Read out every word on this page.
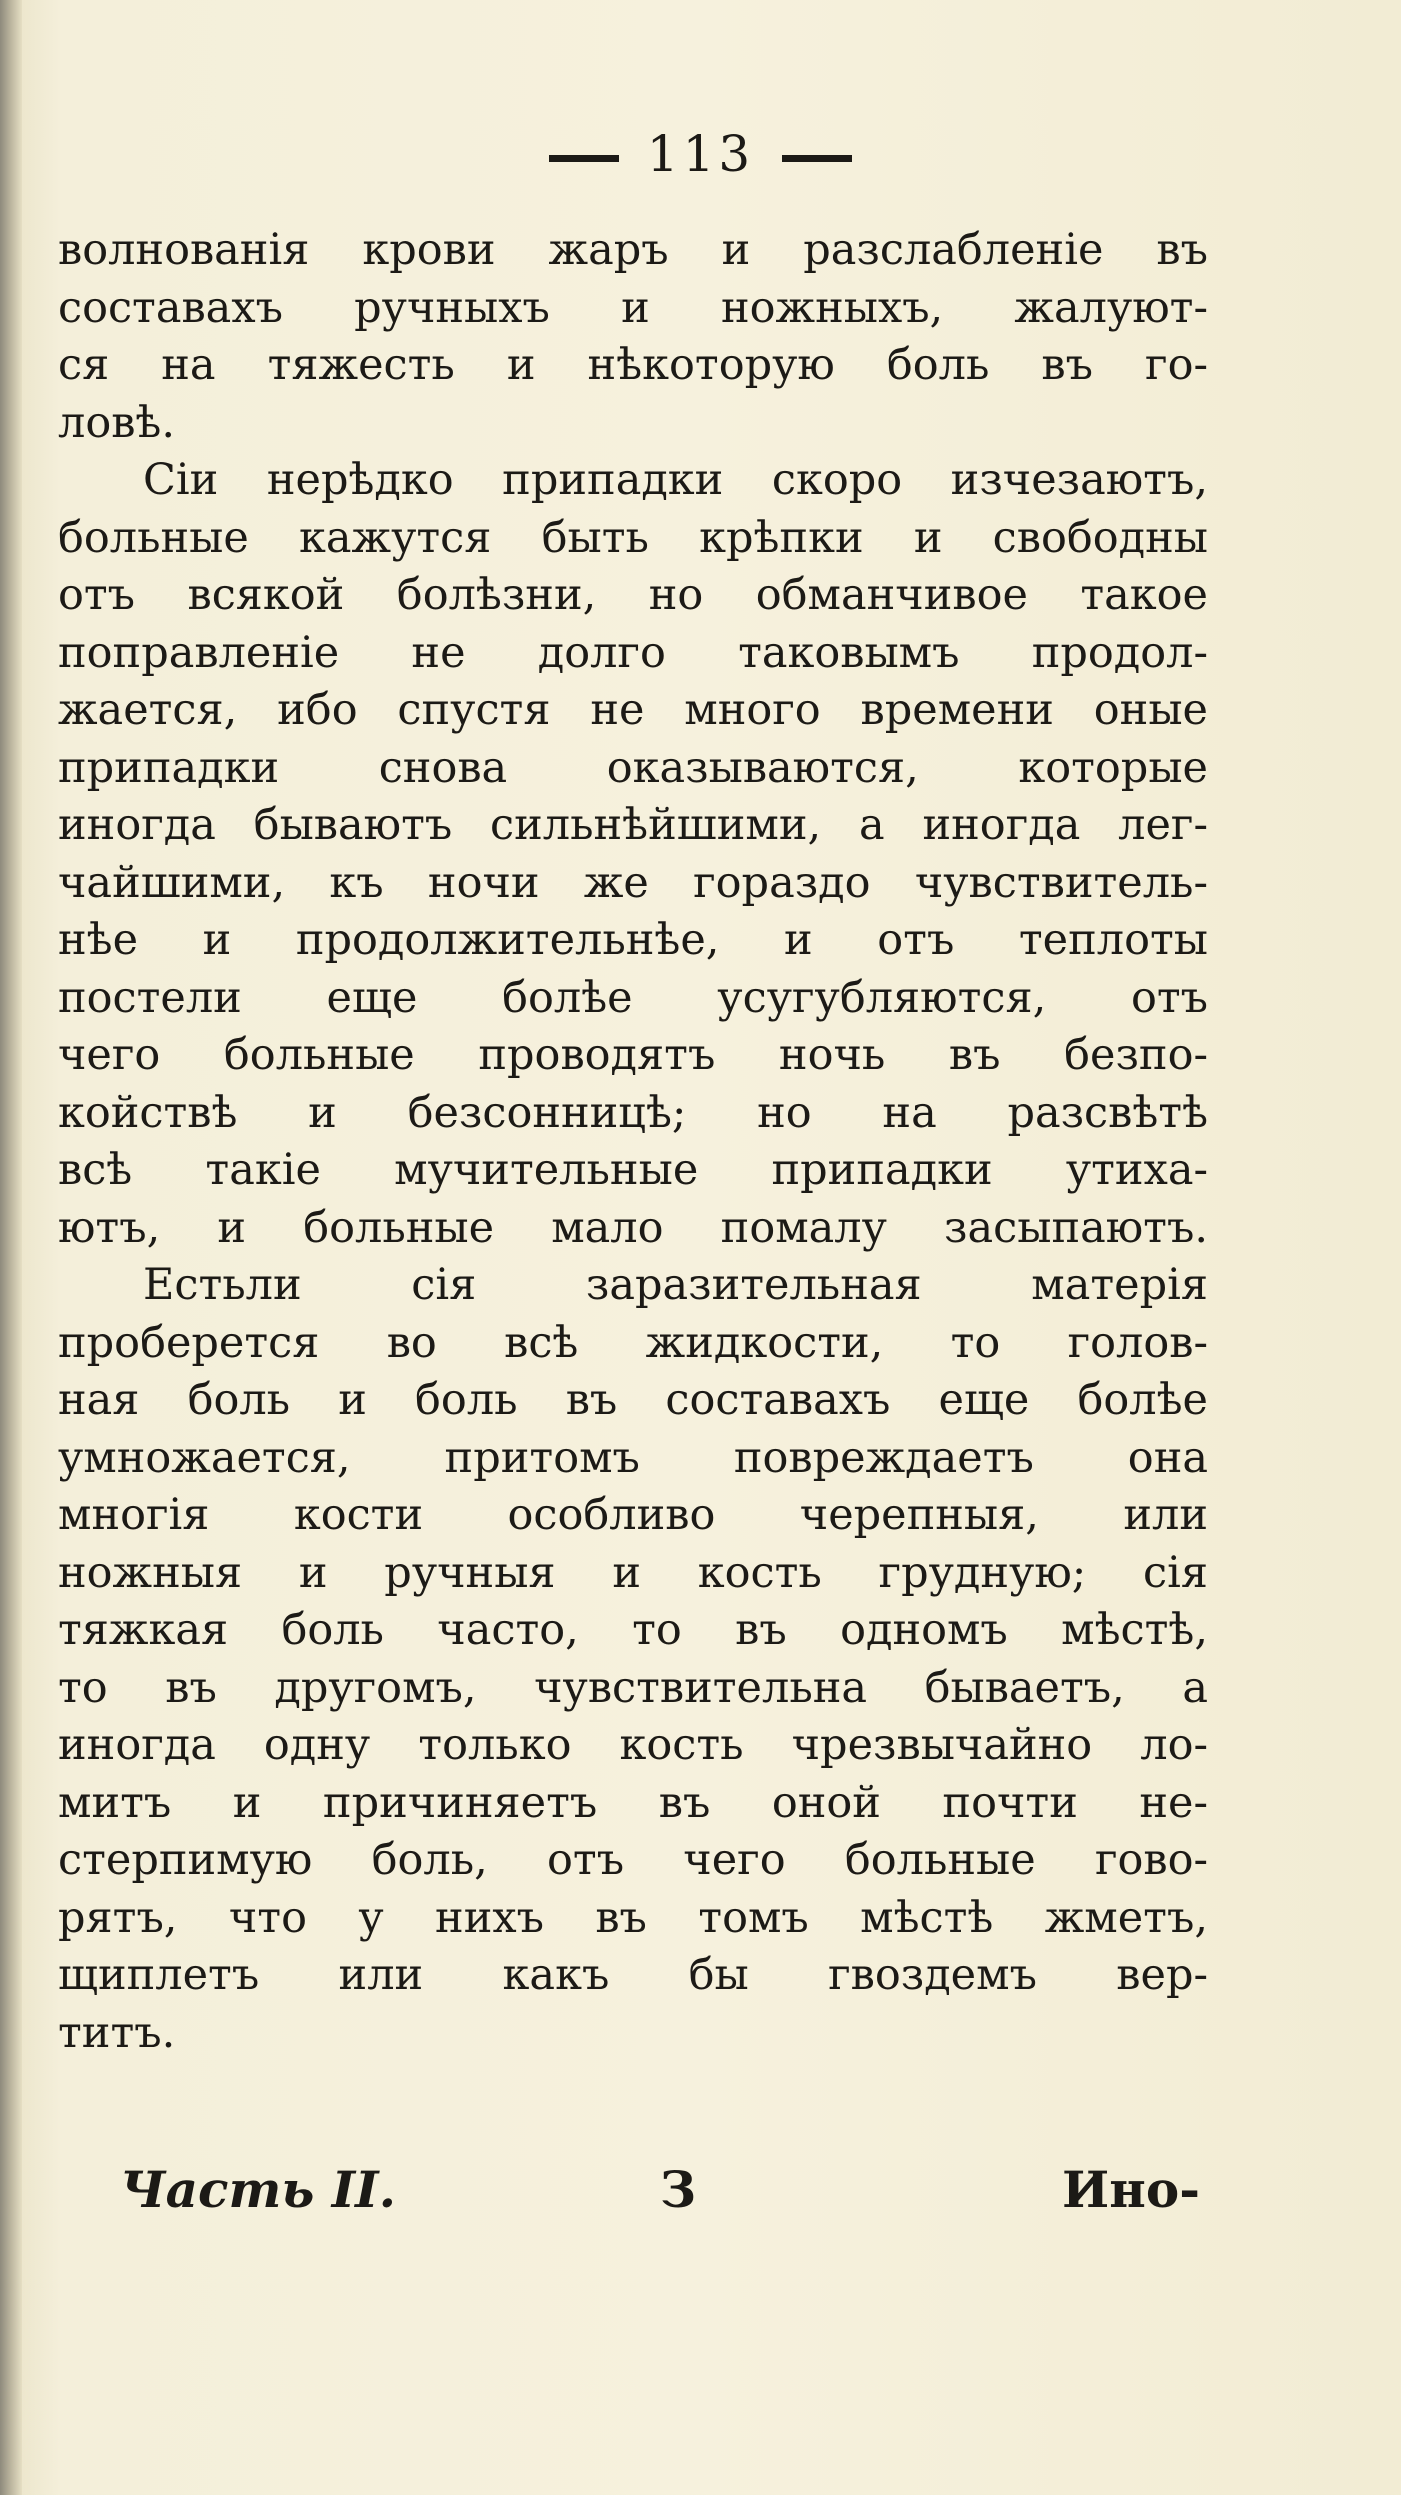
113
волнованія крови жаръ и разслабленіе въ
составахъ ручныхъ и ножныхъ, жалуют-
ся на тяжесть и нѣкоторую боль въ го-
ловѣ.
Сіи нерѣдко припадки скоро изчезаютъ,
больные кажутся быть крѣпки и свободны
отъ всякой болѣзни, но обманчивое такое
поправленіе не долго таковымъ продол-
жается, ибо спустя не много времени оные
припадки снова оказываются, которые
иногда бываютъ сильнѣйшими, а иногда лег-
чайшими, къ ночи же гораздо чувствитель-
нѣе и продолжительнѣе, и отъ теплоты
постели еще болѣе усугубляются, отъ
чего больные проводятъ ночь въ безпо-
койствѣ и безсонницѣ; но на разсвѣтѣ
всѣ такіе мучительные припадки утиха-
ютъ, и больные мало помалу засыпаютъ.
Естьли сія заразительная матерія
проберется во всѣ жидкости, то голов-
ная боль и боль въ составахъ еще болѣе
умножается, притомъ повреждаетъ она
многія кости особливо черепныя, или
ножныя и ручныя и кость грудную; сія
тяжкая боль часто, то въ одномъ мѣстѣ,
то въ другомъ, чувствительна бываетъ, а
иногда одну только кость чрезвычайно ло-
митъ и причиняетъ въ оной почти не-
стерпимую боль, отъ чего больные гово-
рятъ, что у нихъ въ томъ мѣстѣ жметъ,
щиплетъ или какъ бы гвоздемъ вер-
титъ.
Часть II.	З	Ино-
